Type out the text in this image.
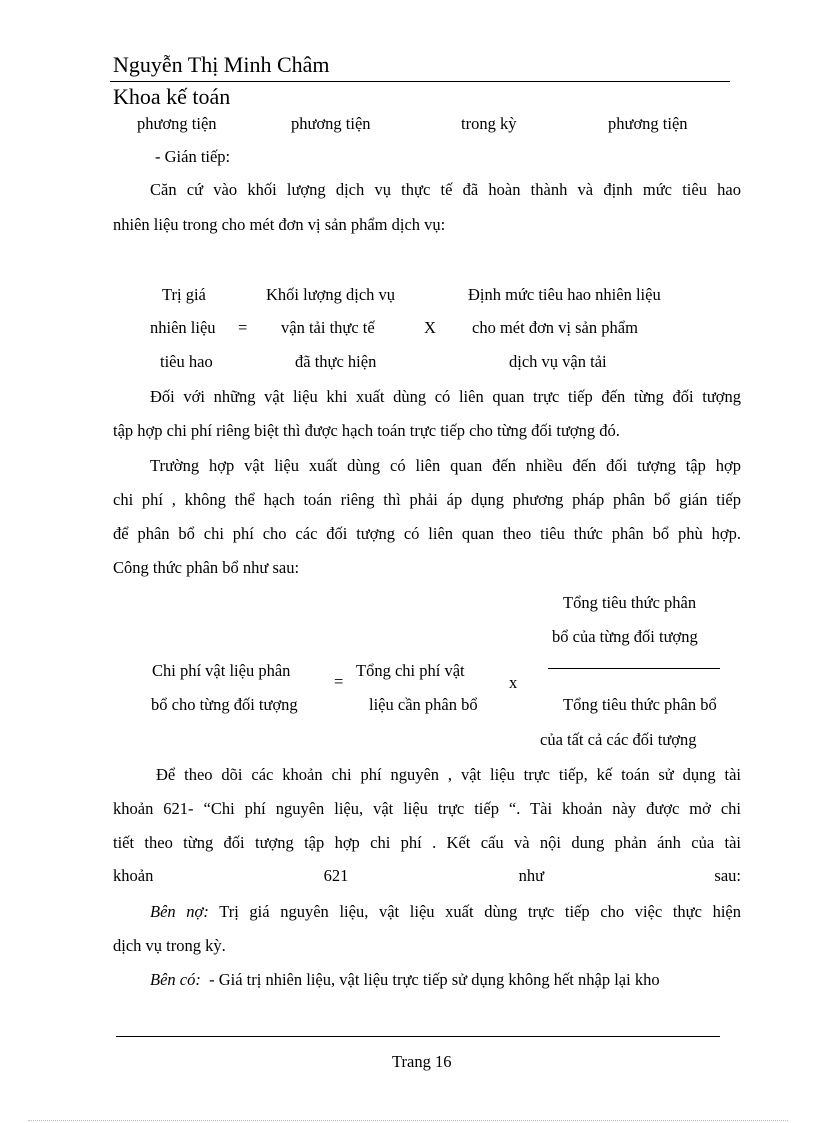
Nguyễn Thị Minh Châm
Khoa kế toán
phương tiện	phương tiện	trong kỳ	phương tiện
- Gián tiếp:
Căn cứ vào khối lượng dịch vụ thực tế đã hoàn thành và định mức tiêu hao
nhiên liệu trong cho mét đơn vị sản phẩm dịch vụ:
Trị giá
nhiên liệu
tiêu hao
=
Khối lượng dịch vụ
vận tải thực tế
đã thực hiện
X
Định mức tiêu hao nhiên liệu
cho mét đơn vị sản phẩm
dịch vụ vận tải
Đối với những vật liệu khi xuất dùng có liên quan trực tiếp đến từng đối tượng
tập hợp chi phí riêng biệt thì được hạch toán trực tiếp cho từng đối tượng đó.
Trường hợp vật liệu xuất dùng có liên quan đến nhiều đến đối tượng tập hợp
chi phí , không thể hạch toán riêng thì phải áp dụng phương pháp phân bổ gián tiếp
để phân bổ chi phí cho các đối tượng có liên quan theo tiêu thức phân bổ phù hợp.
Công thức phân bổ như sau:
Tổng tiêu thức phân
bổ của từng đối tượng
Tổng tiêu thức phân bổ
của tất cả các đối tượng
Chi phí vật liệu phân
bổ cho từng đối tượng
=
Tổng chi phí vật
liệu cần phân bổ
x
Để theo dõi các khoản chi phí nguyên , vật liệu trực tiếp, kế toán sử dụng tài
khoản 621- “Chi phí nguyên liệu, vật liệu trực tiếp “. Tài khoản này được mở chi
tiết theo từng đối tượng tập hợp chi phí . Kết cấu và nội dung phản ánh của tài
khoản 621 như sau:
Bên nợ: Trị giá nguyên liệu, vật liệu xuất dùng trực tiếp cho việc thực hiện
dịch vụ trong kỳ.
Bên có:  - Giá trị nhiên liệu, vật liệu trực tiếp sử dụng không hết nhập lại kho
Trang 16
